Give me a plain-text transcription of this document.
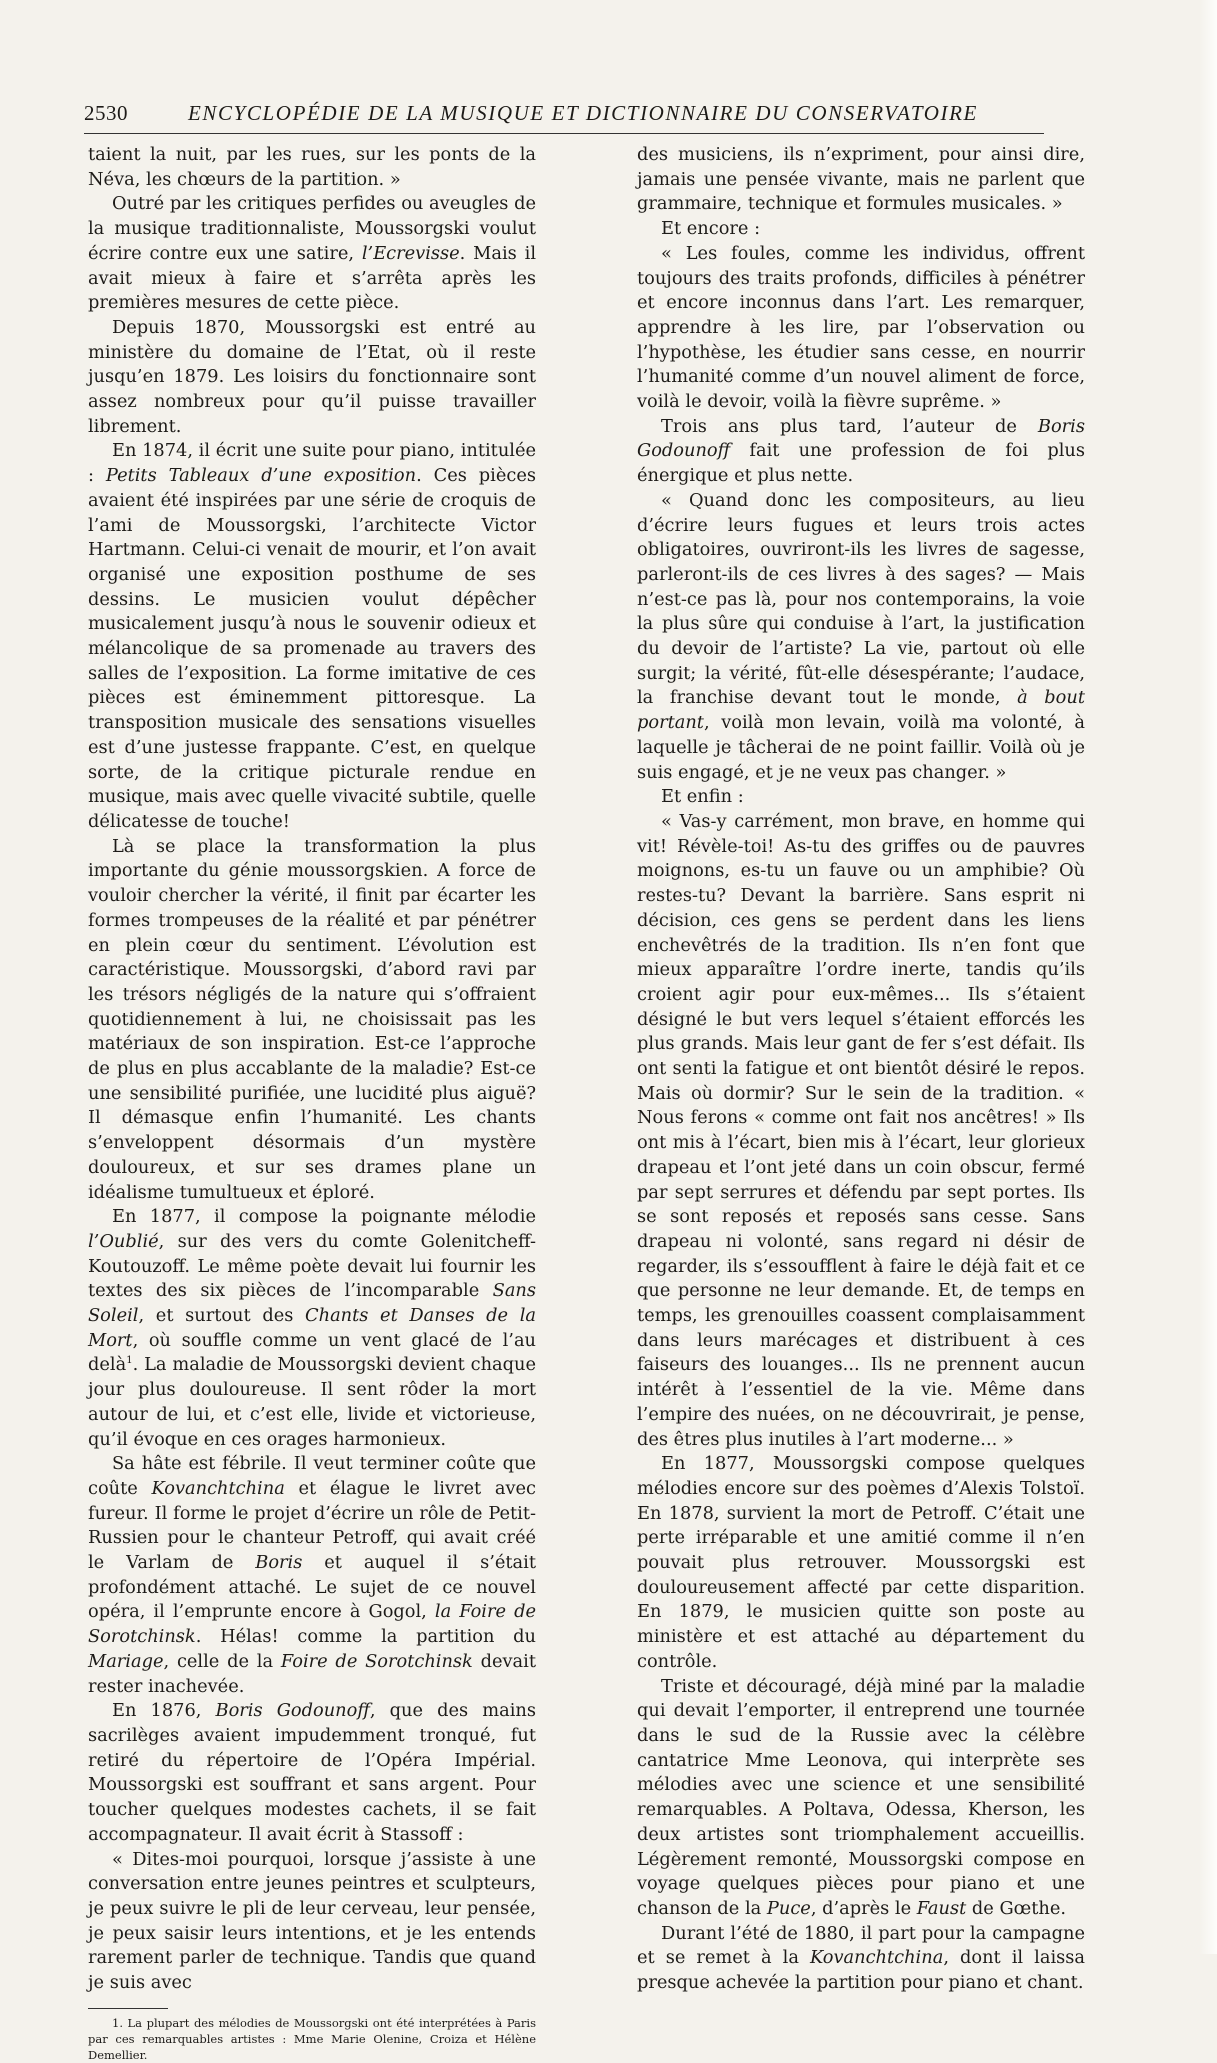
2530	ENCYCLOPÉDIE DE LA MUSIQUE ET DICTIONNAIRE DU CONSERVATOIRE

taient la nuit, par les rues, sur les ponts de la Néva, les chœurs de la partition. »

Outré par les critiques perfides ou aveugles de la musique traditionnaliste, Moussorgski voulut écrire contre eux une satire, l’Ecrevisse. Mais il avait mieux à faire et s’arrêta après les premières mesures de cette pièce.

Depuis 1870, Moussorgski est entré au ministère du domaine de l’Etat, où il reste jusqu’en 1879. Les loisirs du fonctionnaire sont assez nombreux pour qu’il puisse travailler librement.

En 1874, il écrit une suite pour piano, intitulée : Petits Tableaux d’une exposition. Ces pièces avaient été inspirées par une série de croquis de l’ami de Moussorgski, l’architecte Victor Hartmann. Celui-ci venait de mourir, et l’on avait organisé une exposition posthume de ses dessins. Le musicien voulut dépêcher musicalement jusqu’à nous le souvenir odieux et mélancolique de sa promenade au travers des salles de l’exposition. La forme imitative de ces pièces est éminemment pittoresque. La transposition musicale des sensations visuelles est d’une justesse frappante. C’est, en quelque sorte, de la critique picturale rendue en musique, mais avec quelle vivacité subtile, quelle délicatesse de touche!

Là se place la transformation la plus importante du génie moussorgskien. A force de vouloir chercher la vérité, il finit par écarter les formes trompeuses de la réalité et par pénétrer en plein cœur du sentiment. L’évolution est caractéristique. Moussorgski, d’abord ravi par les trésors négligés de la nature qui s’offraient quotidiennement à lui, ne choisissait pas les matériaux de son inspiration. Est-ce l’approche de plus en plus accablante de la maladie? Est-ce une sensibilité purifiée, une lucidité plus aiguë? Il démasque enfin l’humanité. Les chants s’enveloppent désormais d’un mystère douloureux, et sur ses drames plane un idéalisme tumultueux et éploré.

En 1877, il compose la poignante mélodie l’Oublié, sur des vers du comte Golenitcheff-Koutouzoff. Le même poète devait lui fournir les textes des six pièces de l’incomparable Sans Soleil, et surtout des Chants et Danses de la Mort, où souffle comme un vent glacé de l’au delà$^1$. La maladie de Moussorgski devient chaque jour plus douloureuse. Il sent rôder la mort autour de lui, et c’est elle, livide et victorieuse, qu’il évoque en ces orages harmonieux.

Sa hâte est fébrile. Il veut terminer coûte que coûte Kovanchtchina et élague le livret avec fureur. Il forme le projet d’écrire un rôle de Petit-Russien pour le chanteur Petroff, qui avait créé le Varlam de Boris et auquel il s’était profondément attaché. Le sujet de ce nouvel opéra, il l’emprunte encore à Gogol, la Foire de Sorotchinsk. Hélas! comme la partition du Mariage, celle de la Foire de Sorotchinsk devait rester inachevée.

En 1876, Boris Godounoff, que des mains sacrilèges avaient impudemment tronqué, fut retiré du répertoire de l’Opéra Impérial. Moussorgski est souffrant et sans argent. Pour toucher quelques modestes cachets, il se fait accompagnateur. Il avait écrit à Stassoff :

« Dites-moi pourquoi, lorsque j’assiste à une conversation entre jeunes peintres et sculpteurs, je peux suivre le pli de leur cerveau, leur pensée, je peux saisir leurs intentions, et je les entends rarement parler de technique. Tandis que quand je suis avec

1. La plupart des mélodies de Moussorgski ont été interprétées à Paris par ces remarquables artistes : Mme Marie Olenine, Croiza et Hélène Demellier.

des musiciens, ils n’expriment, pour ainsi dire, jamais une pensée vivante, mais ne parlent que grammaire, technique et formules musicales. »

Et encore :

« Les foules, comme les individus, offrent toujours des traits profonds, difficiles à pénétrer et encore inconnus dans l’art. Les remarquer, apprendre à les lire, par l’observation ou l’hypothèse, les étudier sans cesse, en nourrir l’humanité comme d’un nouvel aliment de force, voilà le devoir, voilà la fièvre suprême. »

Trois ans plus tard, l’auteur de Boris Godounoff fait une profession de foi plus énergique et plus nette.

« Quand donc les compositeurs, au lieu d’écrire leurs fugues et leurs trois actes obligatoires, ouvriront-ils les livres de sagesse, parleront-ils de ces livres à des sages? — Mais n’est-ce pas là, pour nos contemporains, la voie la plus sûre qui conduise à l’art, la justification du devoir de l’artiste? La vie, partout où elle surgit; la vérité, fût-elle désespérante; l’audace, la franchise devant tout le monde, à bout portant, voilà mon levain, voilà ma volonté, à laquelle je tâcherai de ne point faillir. Voilà où je suis engagé, et je ne veux pas changer. »

Et enfin :

« Vas-y carrément, mon brave, en homme qui vit! Révèle-toi! As-tu des griffes ou de pauvres moignons, es-tu un fauve ou un amphibie? Où restes-tu? Devant la barrière. Sans esprit ni décision, ces gens se perdent dans les liens enchevêtrés de la tradition. Ils n’en font que mieux apparaître l’ordre inerte, tandis qu’ils croient agir pour eux-mêmes... Ils s’étaient désigné le but vers lequel s’étaient efforcés les plus grands. Mais leur gant de fer s’est défait. Ils ont senti la fatigue et ont bientôt désiré le repos. Mais où dormir? Sur le sein de la tradition. « Nous ferons « comme ont fait nos ancêtres! » Ils ont mis à l’écart, bien mis à l’écart, leur glorieux drapeau et l’ont jeté dans un coin obscur, fermé par sept serrures et défendu par sept portes. Ils se sont reposés et reposés sans cesse. Sans drapeau ni volonté, sans regard ni désir de regarder, ils s’essoufflent à faire le déjà fait et ce que personne ne leur demande. Et, de temps en temps, les grenouilles coassent complaisamment dans leurs marécages et distribuent à ces faiseurs des louanges... Ils ne prennent aucun intérêt à l’essentiel de la vie. Même dans l’empire des nuées, on ne découvrirait, je pense, des êtres plus inutiles à l’art moderne... »

En 1877, Moussorgski compose quelques mélodies encore sur des poèmes d’Alexis Tolstoï. En 1878, survient la mort de Petroff. C’était une perte irréparable et une amitié comme il n’en pouvait plus retrouver. Moussorgski est douloureusement affecté par cette disparition. En 1879, le musicien quitte son poste au ministère et est attaché au département du contrôle.

Triste et découragé, déjà miné par la maladie qui devait l’emporter, il entreprend une tournée dans le sud de la Russie avec la célèbre cantatrice Mme Leonova, qui interprète ses mélodies avec une science et une sensibilité remarquables. A Poltava, Odessa, Kherson, les deux artistes sont triomphalement accueillis. Légèrement remonté, Moussorgski compose en voyage quelques pièces pour piano et une chanson de la Puce, d’après le Faust de Gœthe.

Durant l’été de 1880, il part pour la campagne et se remet à la Kovanchtchina, dont il laissa presque achevée la partition pour piano et chant.
